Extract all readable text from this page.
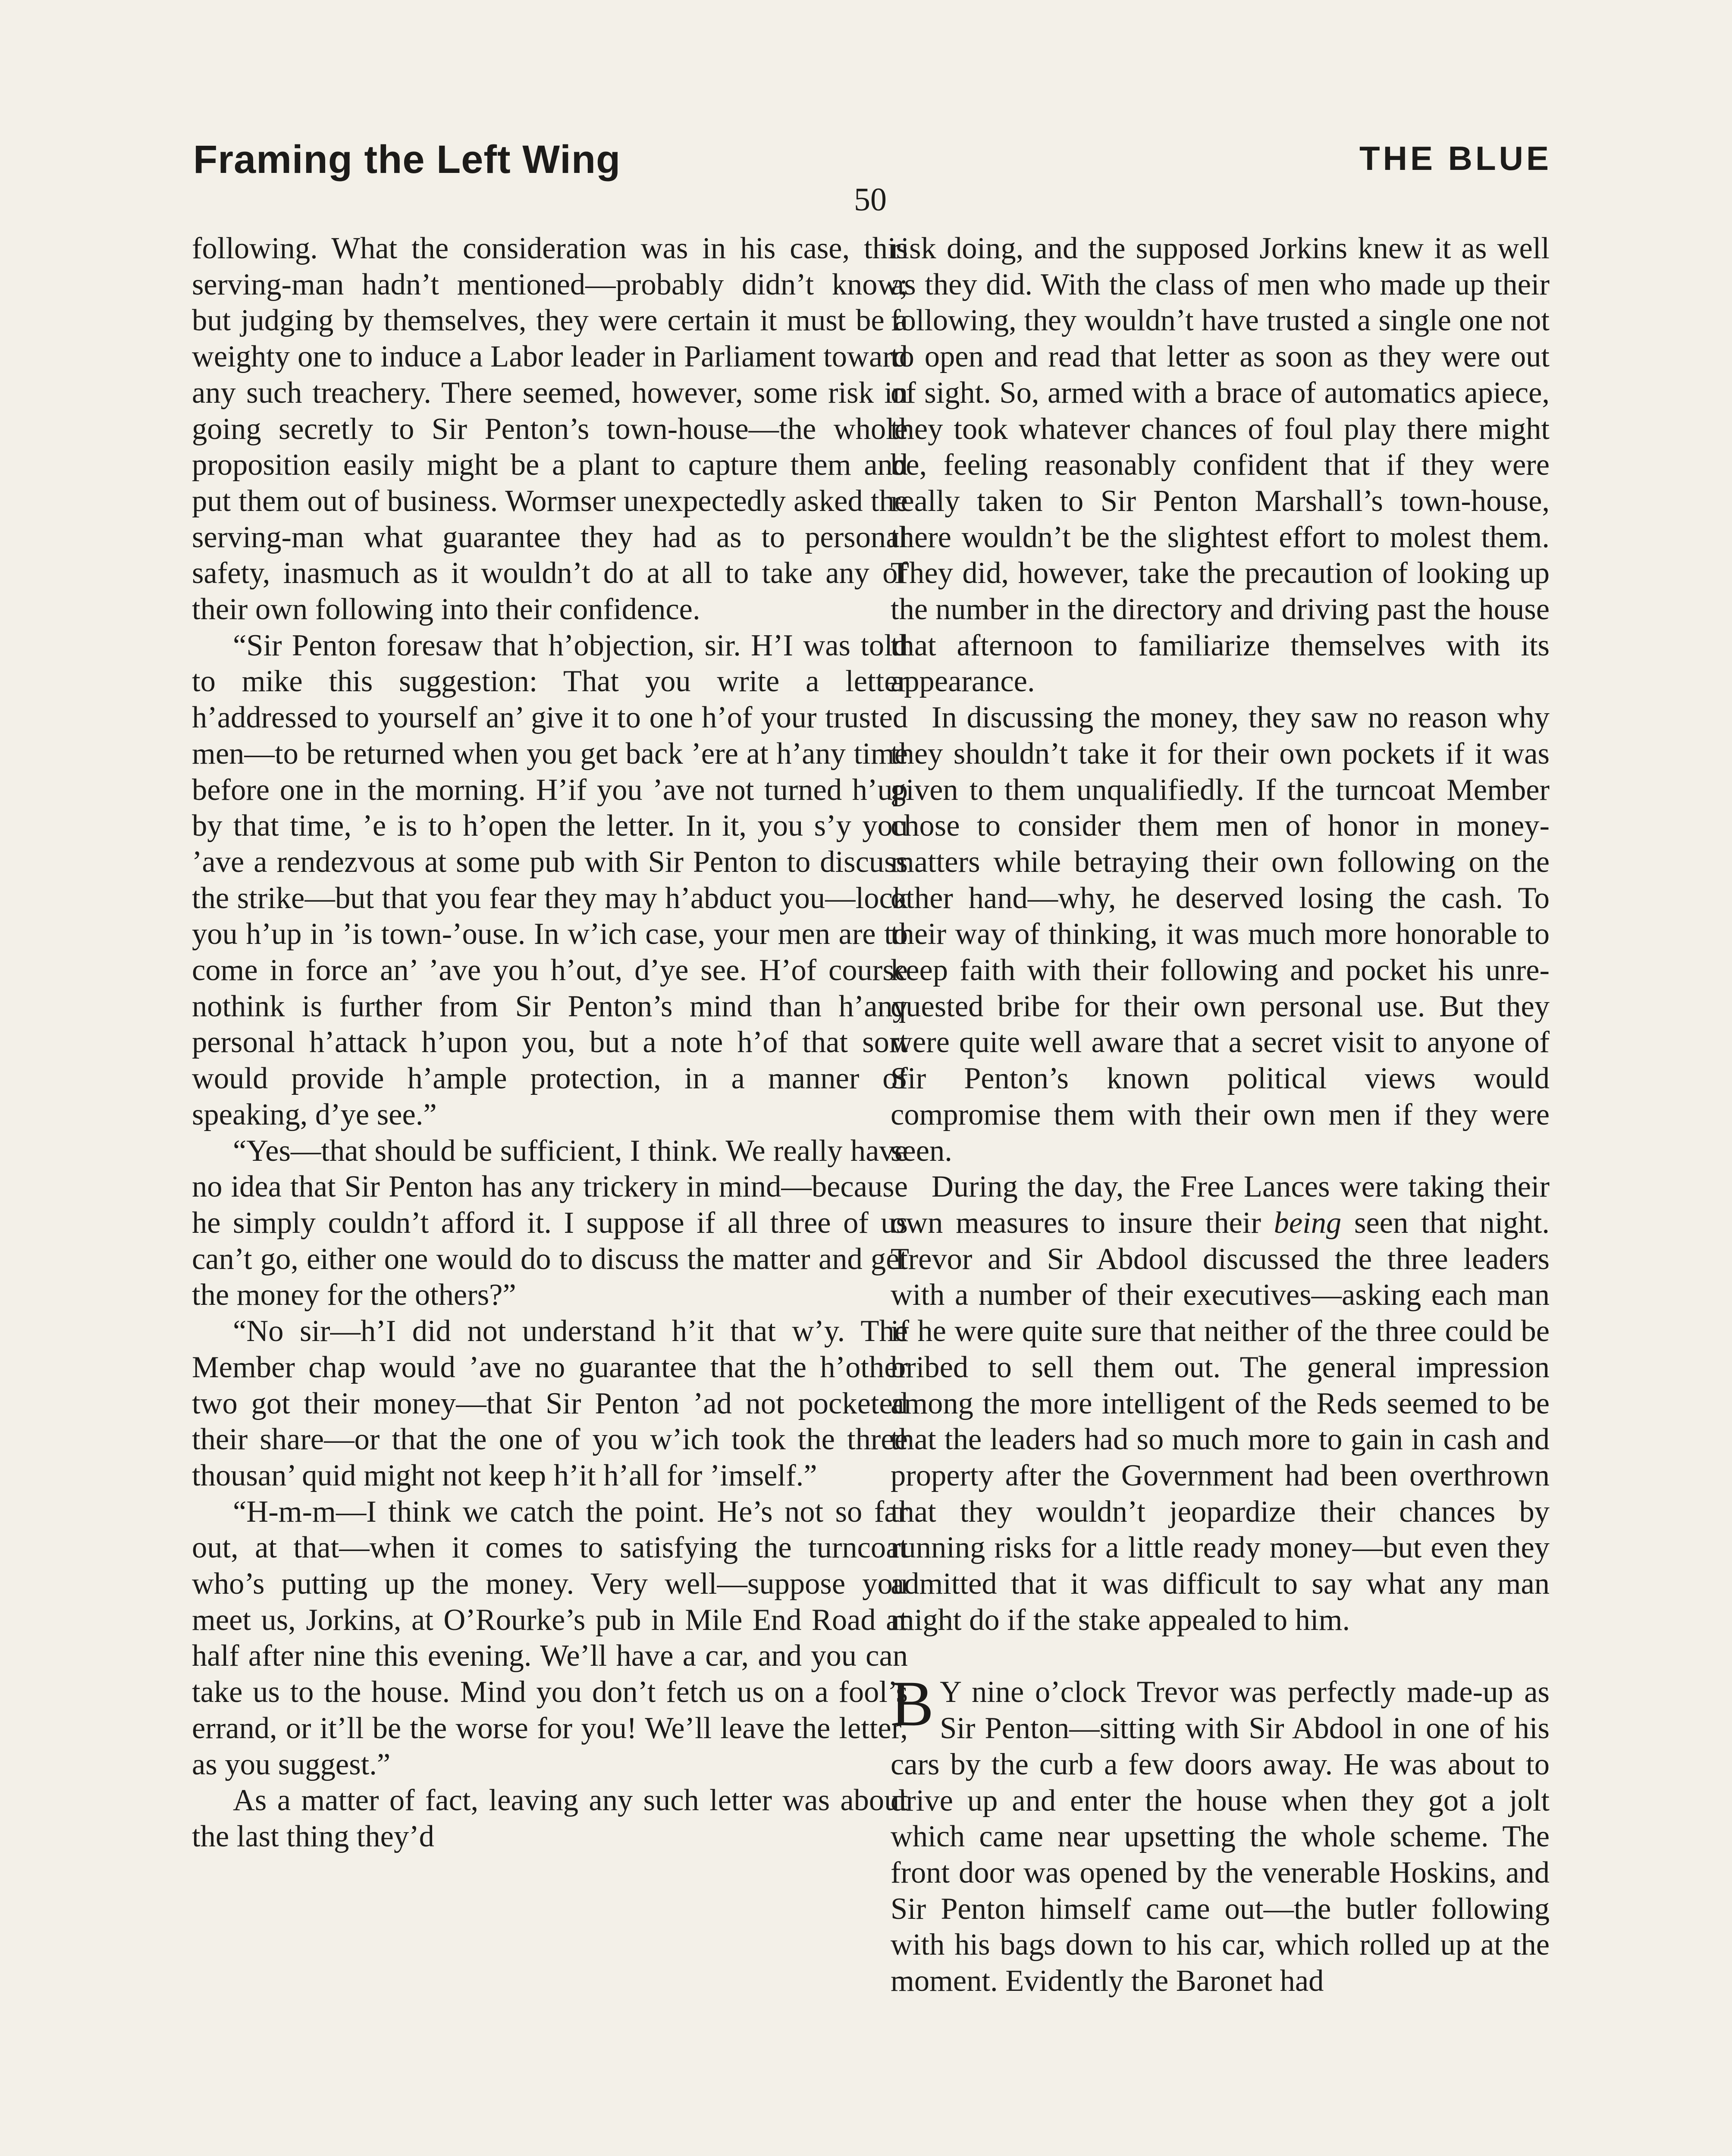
Framing the Left Wing	THE BLUE
50

following. What the consideration was in his case, this serving-man hadn’t mentioned—probably didn’t know; but judging by themselves, they were certain it must be a weighty one to induce a Labor leader in Parliament toward any such treachery. There seemed, however, some risk in going secretly to Sir Penton’s town-house—the whole proposition easily might be a plant to capture them and put them out of business. Wormser unexpectedly asked the serving-man what guarantee they had as to personal safety, inasmuch as it wouldn’t do at all to take any of their own following into their confidence.

“Sir Penton foresaw that h’objection, sir. H’I was told to mike this suggestion: That you write a letter h’addressed to yourself an’ give it to one h’of your trusted men—to be returned when you get back ’ere at h’any time before one in the morning. H’if you ’ave not turned h’up by that time, ’e is to h’open the letter. In it, you s’y you ’ave a rendezvous at some pub with Sir Penton to discuss the strike—but that you fear they may h’abduct you—lock you h’up in ’is town-’ouse. In w’ich case, your men are to come in force an’ ’ave you h’out, d’ye see. H’of course nothink is further from Sir Penton’s mind than h’any personal h’attack h’upon you, but a note h’of that sort would provide h’ample protection, in a manner of speaking, d’ye see.”

“Yes—that should be sufficient, I think. We really have no idea that Sir Penton has any trickery in mind—because he simply couldn’t afford it. I suppose if all three of us can’t go, either one would do to discuss the matter and get the money for the others?”

“No sir—h’I did not understand h’it that w’y. The Member chap would ’ave no guarantee that the h’other two got their money—that Sir Penton ’ad not pocketed their share—or that the one of you w’ich took the three thousan’ quid might not keep h’it h’all for ’imself.”

“H-m-m—I think we catch the point. He’s not so far out, at that—when it comes to satisfying the turncoat who’s putting up the money. Very well—suppose you meet us, Jorkins, at O’Rourke’s pub in Mile End Road at half after nine this evening. We’ll have a car, and you can take us to the house. Mind you don’t fetch us on a fool’s errand, or it’ll be the worse for you! We’ll leave the letter, as you suggest.”

As a matter of fact, leaving any such letter was about the last thing they’d

risk doing, and the supposed Jorkins knew it as well as they did. With the class of men who made up their following, they wouldn’t have trusted a single one not to open and read that letter as soon as they were out of sight. So, armed with a brace of automatics apiece, they took whatever chances of foul play there might be, feeling reasonably confident that if they were really taken to Sir Penton Marshall’s town-house, there wouldn’t be the slightest effort to molest them. They did, however, take the precaution of looking up the number in the directory and driving past the house that afternoon to familiarize themselves with its appearance.

In discussing the money, they saw no reason why they shouldn’t take it for their own pockets if it was given to them unqualifiedly. If the turncoat Member chose to consider them men of honor in money-matters while betraying their own following on the other hand—why, he deserved losing the cash. To their way of thinking, it was much more honorable to keep faith with their following and pocket his unrequested bribe for their own personal use. But they were quite well aware that a secret visit to anyone of Sir Penton’s known political views would compromise them with their own men if they were seen.

During the day, the Free Lances were taking their own measures to insure their being seen that night. Trevor and Sir Abdool discussed the three leaders with a number of their executives—asking each man if he were quite sure that neither of the three could be bribed to sell them out. The general impression among the more intelligent of the Reds seemed to be that the leaders had so much more to gain in cash and property after the Government had been overthrown that they wouldn’t jeopardize their chances by running risks for a little ready money—but even they admitted that it was difficult to say what any man might do if the stake appealed to him.

B Y nine o’clock Trevor was perfectly made-up as Sir Penton—sitting with Sir Abdool in one of his cars by the curb a few doors away. He was about to drive up and enter the house when they got a jolt which came near upsetting the whole scheme. The front door was opened by the venerable Hoskins, and Sir Penton himself came out—the butler following with his bags down to his car, which rolled up at the moment. Evidently the Baronet had
